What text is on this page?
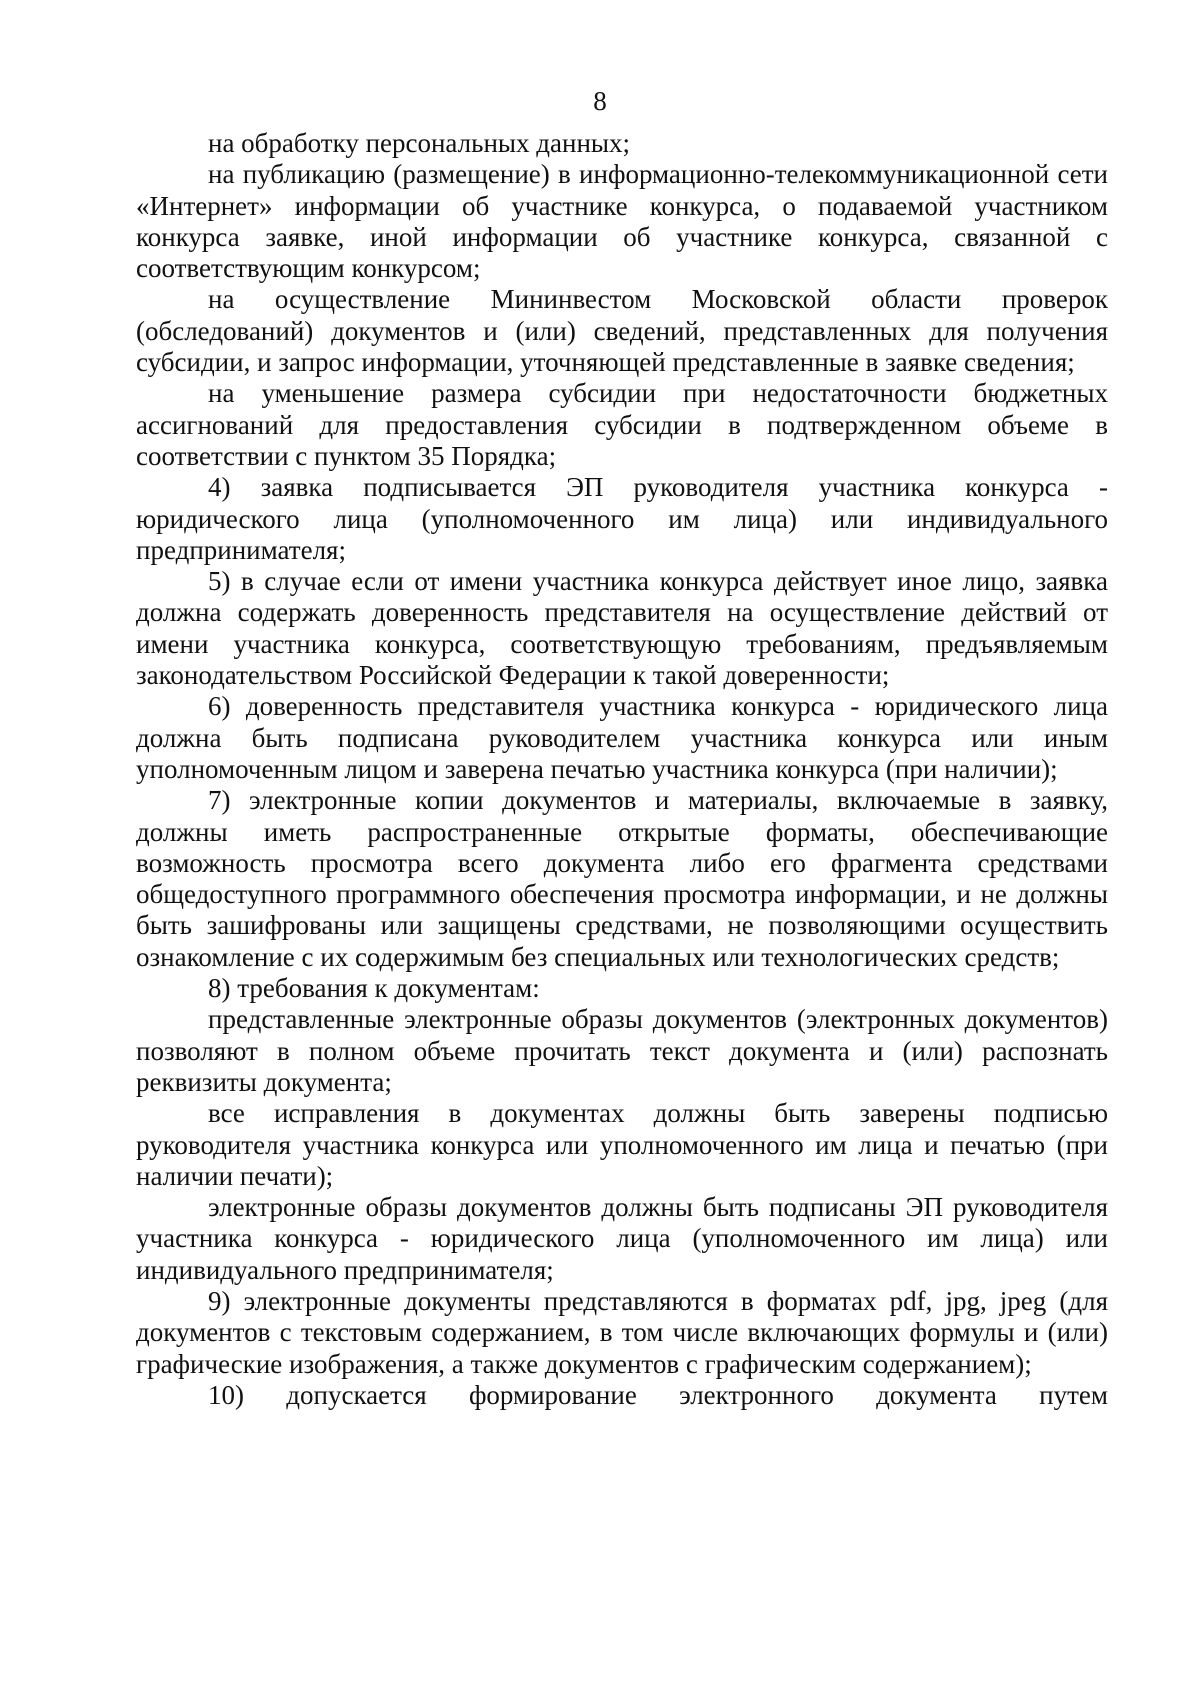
8

на обработку персональных данных;

на публикацию (размещение) в информационно-телекоммуникационной сети «Интернет» информации об участнике конкурса, о подаваемой участником конкурса заявке, иной информации об участнике конкурса, связанной с соответствующим конкурсом;

на осуществление Мининвестом Московской области проверок (обследований) документов и (или) сведений, представленных для получения субсидии, и запрос информации, уточняющей представленные в заявке сведения;

на уменьшение размера субсидии при недостаточности бюджетных ассигнований для предоставления субсидии в подтвержденном объеме в соответствии с пунктом 35 Порядка;

4) заявка подписывается ЭП руководителя участника конкурса - юридического лица (уполномоченного им лица) или индивидуального предпринимателя;

5) в случае если от имени участника конкурса действует иное лицо, заявка должна содержать доверенность представителя на осуществление действий от имени участника конкурса, соответствующую требованиям, предъявляемым законодательством Российской Федерации к такой доверенности;

6) доверенность представителя участника конкурса - юридического лица должна быть подписана руководителем участника конкурса или иным уполномоченным лицом и заверена печатью участника конкурса (при наличии);

7) электронные копии документов и материалы, включаемые в заявку, должны иметь распространенные открытые форматы, обеспечивающие возможность просмотра всего документа либо его фрагмента средствами общедоступного программного обеспечения просмотра информации, и не должны быть зашифрованы или защищены средствами, не позволяющими осуществить ознакомление с их содержимым без специальных или технологических средств;

8) требования к документам:

представленные электронные образы документов (электронных документов) позволяют в полном объеме прочитать текст документа и (или) распознать реквизиты документа;

все исправления в документах должны быть заверены подписью руководителя участника конкурса или уполномоченного им лица и печатью (при наличии печати);

электронные образы документов должны быть подписаны ЭП руководителя участника конкурса - юридического лица (уполномоченного им лица) или индивидуального предпринимателя;

9) электронные документы представляются в форматах pdf, jpg, jpeg (для документов с текстовым содержанием, в том числе включающих формулы и (или) графические изображения, а также документов с графическим содержанием);

10) допускается формирование электронного документа путем
